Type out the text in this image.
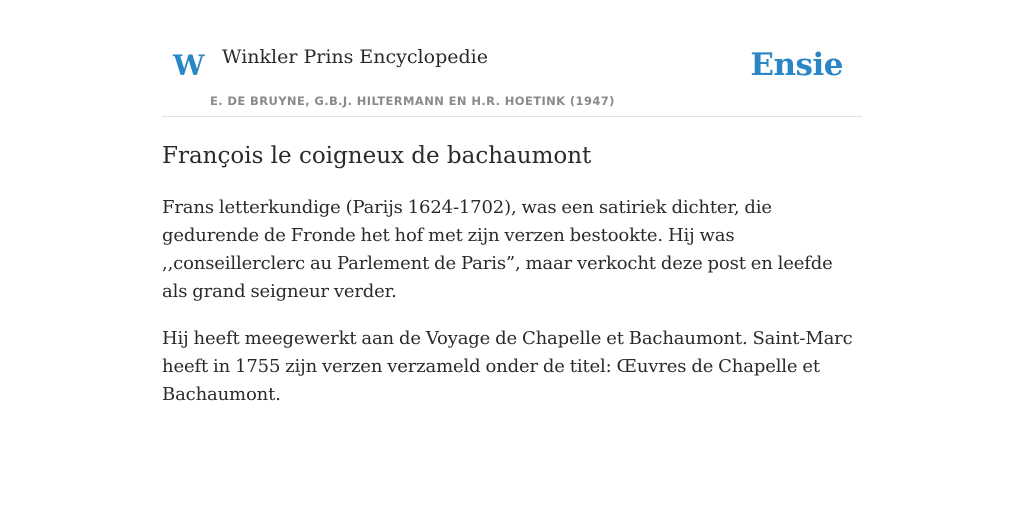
W Winkler Prins Encyclopedie
E. DE BRUYNE, G.B.J. HILTERMANN EN H.R. HOETINK (1947)
Ensie
François le coigneux de bachaumont

Frans letterkundige (Parijs 1624-1702), was een satiriek dichter, die gedurende de Fronde het hof met zijn verzen bestookte. Hij was ,,conseillerclerc au Parlement de Paris”, maar verkocht deze post en leefde als grand seigneur verder.

Hij heeft meegewerkt aan de Voyage de Chapelle et Bachaumont. Saint-Marc heeft in 1755 zijn verzen verzameld onder de titel: Œuvres de Chapelle et Bachaumont.
